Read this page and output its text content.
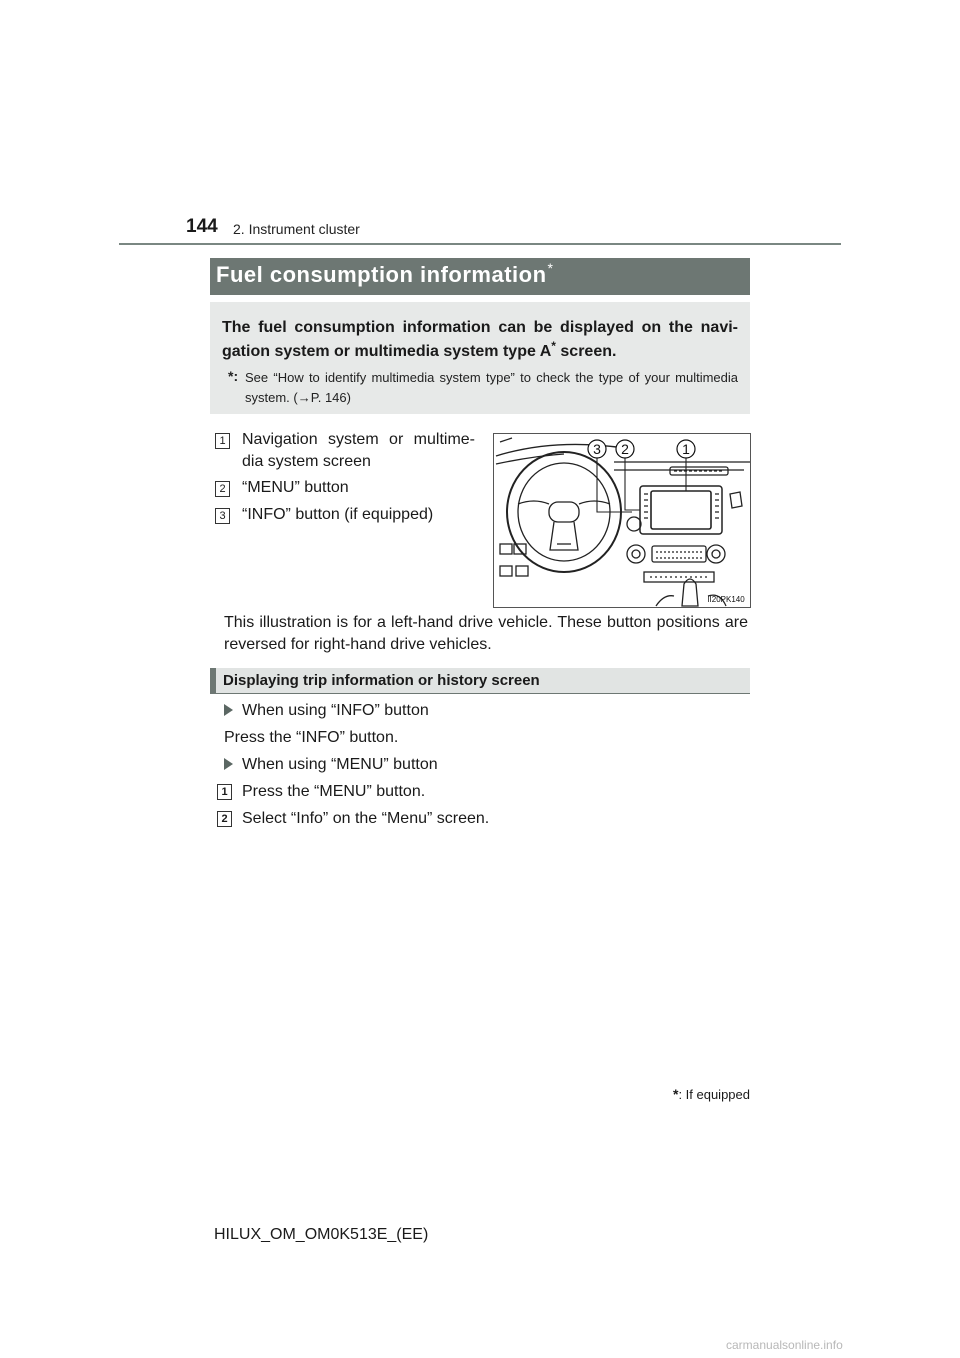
144 2. Instrument cluster
Fuel consumption information*
The fuel consumption information can be displayed on the navi-gation system or multimedia system type A* screen.
*: See “How to identify multimedia system type” to check the type of your multimedia system. (→P. 146)
1 Navigation system or multime-dia system screen
2 “MENU” button
3 “INFO” button (if equipped)
3 2	1
II20PK140
This illustration is for a left-hand drive vehicle. These button positions are reversed for right-hand drive vehicles.
Displaying trip information or history screen
When using “INFO” button
Press the “INFO” button.
When using “MENU” button
1 Press the “MENU” button.
2 Select “Info” on the “Menu” screen.
*: If equipped
HILUX_OM_OM0K513E_(EE)
carmanualsonline.info
